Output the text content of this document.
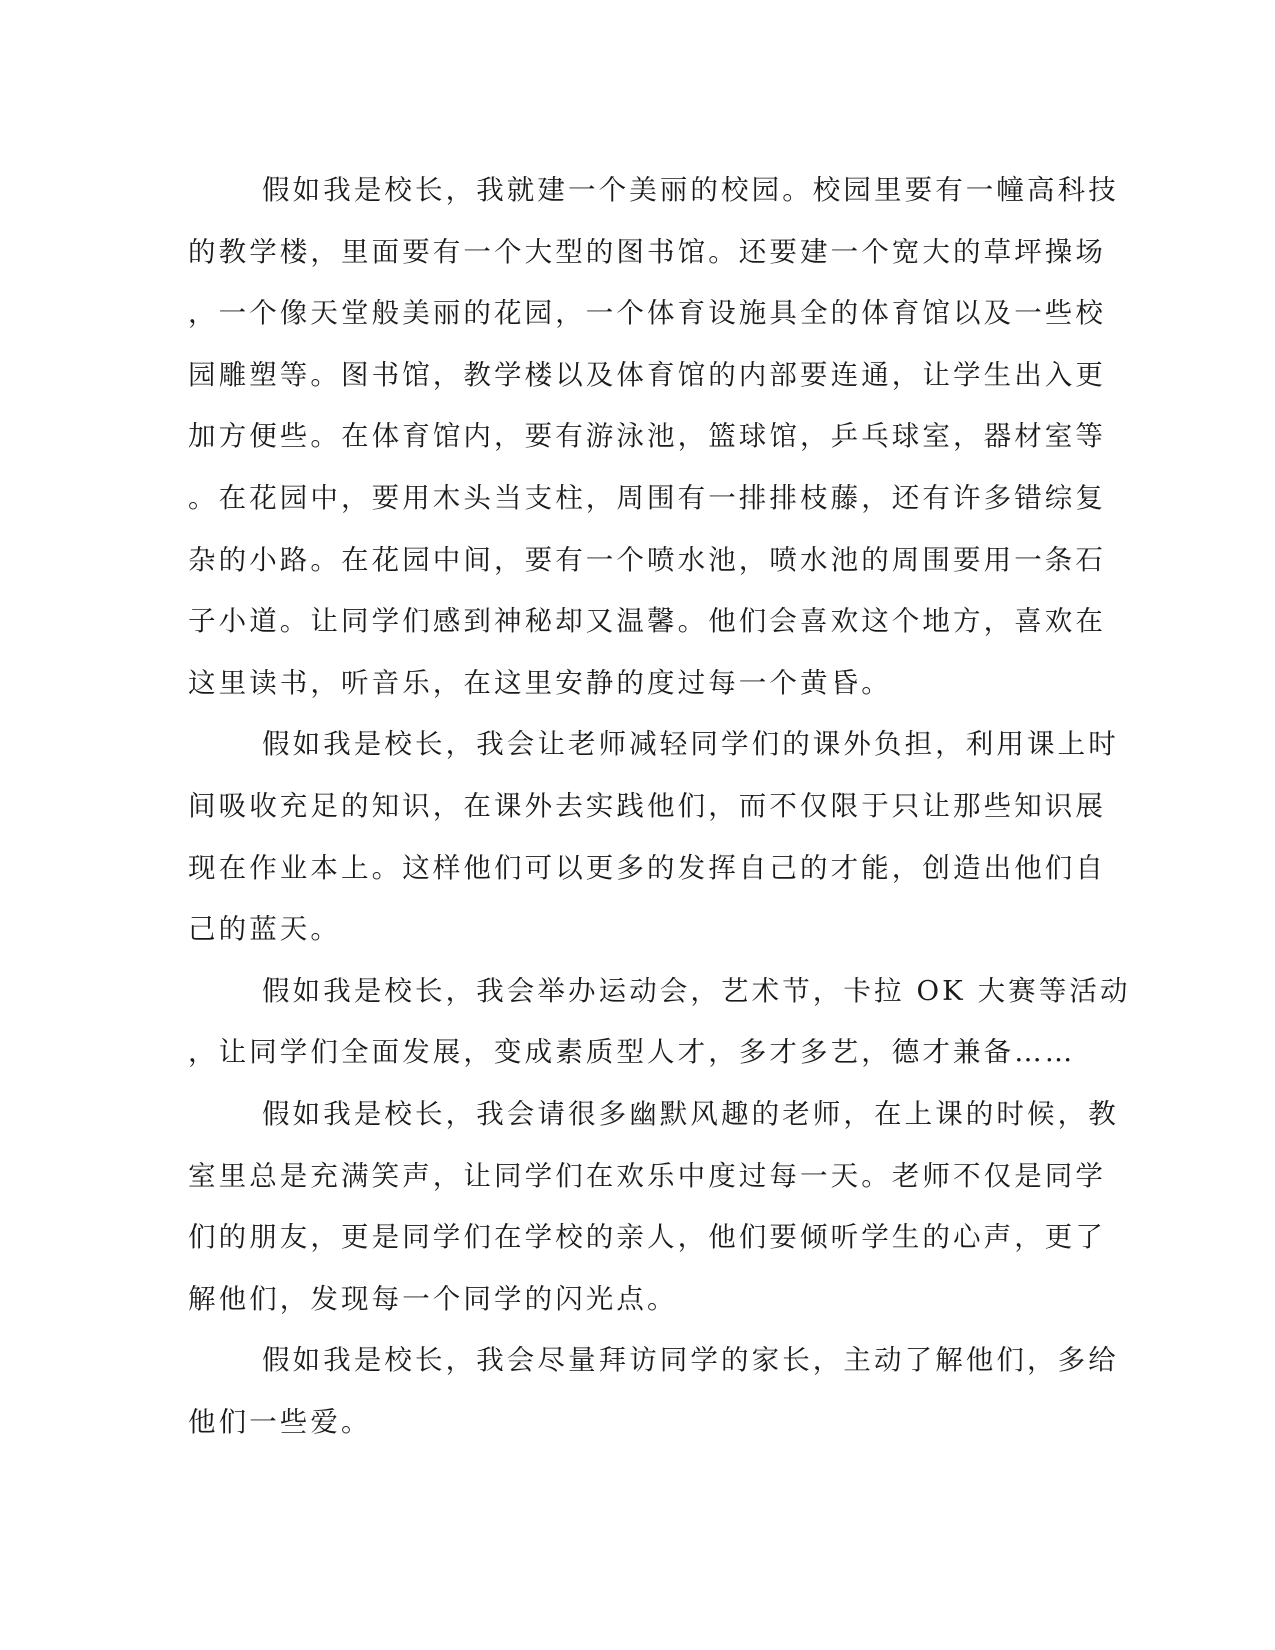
假如我是校长，我就建一个美丽的校园。校园里要有一幢高科技
的教学楼，里面要有一个大型的图书馆。还要建一个宽大的草坪操场
，一个像天堂般美丽的花园，一个体育设施具全的体育馆以及一些校
园雕塑等。图书馆，教学楼以及体育馆的内部要连通，让学生出入更
加方便些。在体育馆内，要有游泳池，篮球馆，乒乓球室，器材室等
。在花园中，要用木头当支柱，周围有一排排枝藤，还有许多错综复
杂的小路。在花园中间，要有一个喷水池，喷水池的周围要用一条石
子小道。让同学们感到神秘却又温馨。他们会喜欢这个地方，喜欢在
这里读书，听音乐，在这里安静的度过每一个黄昏。
假如我是校长，我会让老师减轻同学们的课外负担，利用课上时
间吸收充足的知识，在课外去实践他们，而不仅限于只让那些知识展
现在作业本上。这样他们可以更多的发挥自己的才能，创造出他们自
己的蓝天。
假如我是校长，我会举办运动会，艺术节，卡拉 OK 大赛等活动
，让同学们全面发展，变成素质型人才，多才多艺，德才兼备……
假如我是校长，我会请很多幽默风趣的老师，在上课的时候，教
室里总是充满笑声，让同学们在欢乐中度过每一天。老师不仅是同学
们的朋友，更是同学们在学校的亲人，他们要倾听学生的心声，更了
解他们，发现每一个同学的闪光点。
假如我是校长，我会尽量拜访同学的家长，主动了解他们，多给
他们一些爱。
